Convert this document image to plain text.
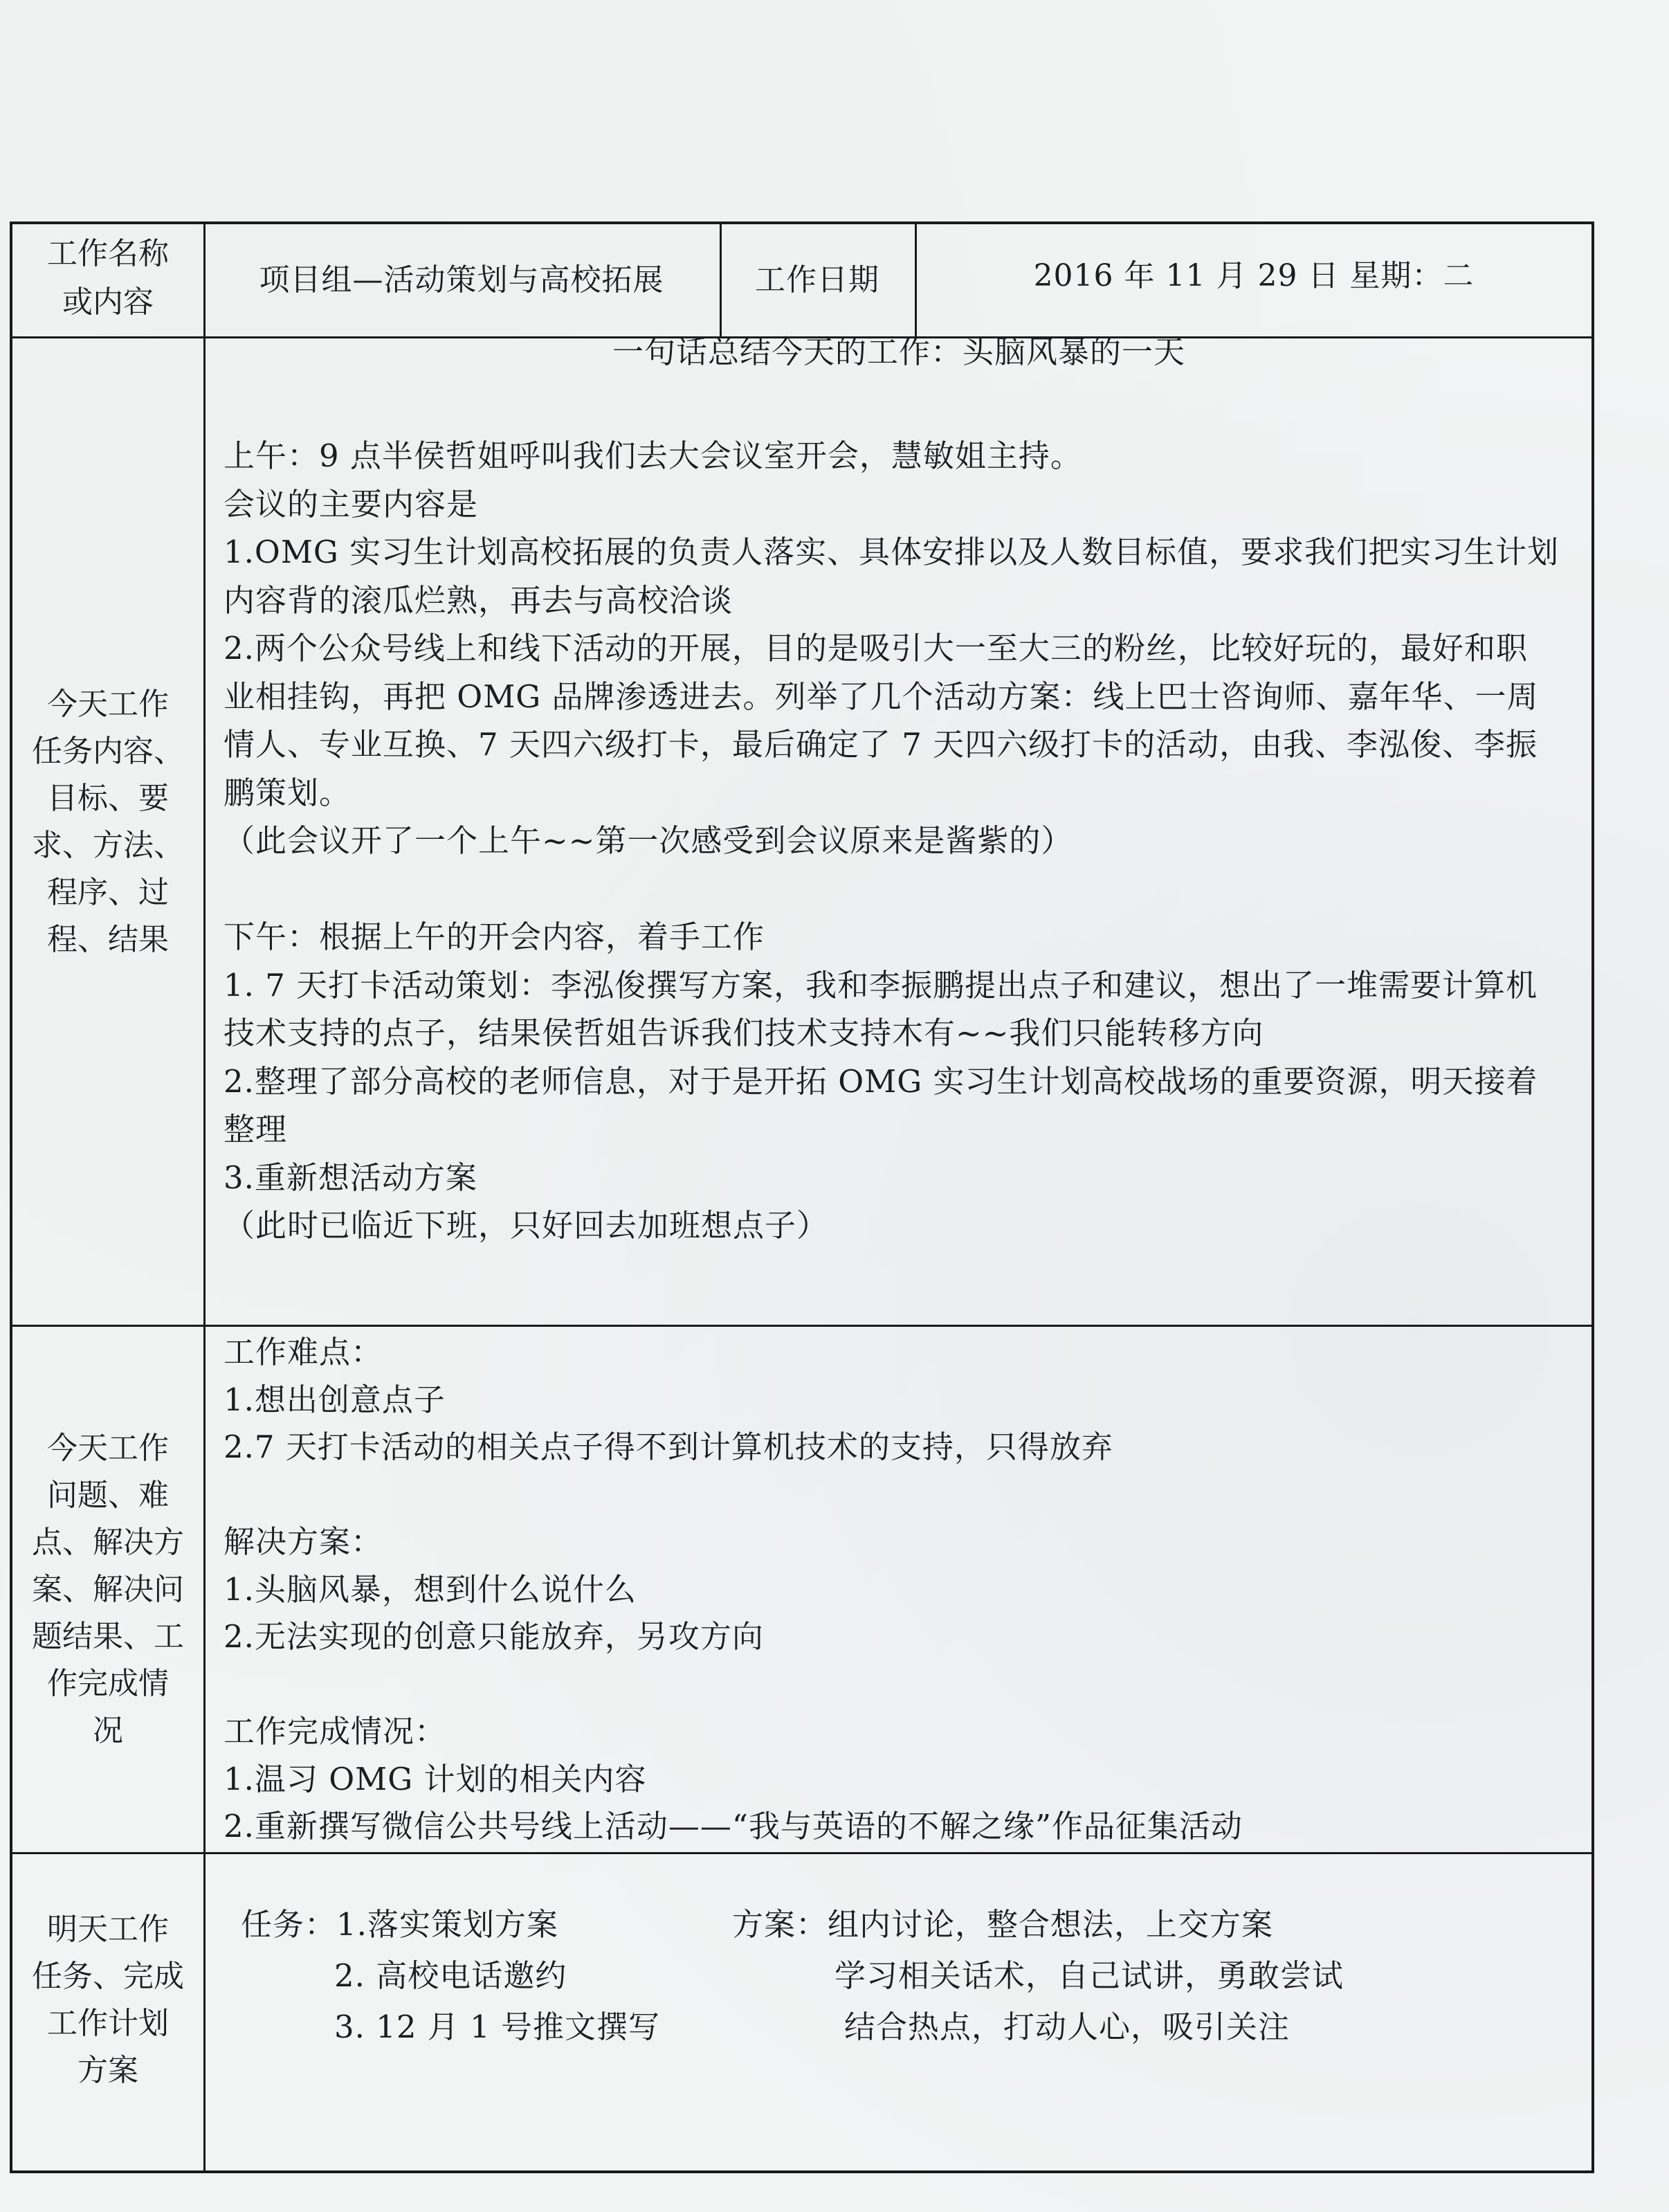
工作名称
或内容
项目组—活动策划与高校拓展	工作日期	2016 年 11 月 29 日 星期：二
今天工作
任务内容、
目标、要
求、方法、
程序、过
程、结果
一句话总结今天的工作：头脑风暴的一天
上午：9 点半侯哲姐呼叫我们去大会议室开会，慧敏姐主持。
会议的主要内容是
1.OMG 实习生计划高校拓展的负责人落实、具体安排以及人数目标值，要求我们把实习生计划
内容背的滚瓜烂熟，再去与高校洽谈
2.两个公众号线上和线下活动的开展，目的是吸引大一至大三的粉丝，比较好玩的，最好和职
业相挂钩，再把 OMG 品牌渗透进去。列举了几个活动方案：线上巴士咨询师、嘉年华、一周
情人、专业互换、7 天四六级打卡，最后确定了 7 天四六级打卡的活动，由我、李泓俊、李振
鹏策划。
（此会议开了一个上午~~第一次感受到会议原来是酱紫的）
下午：根据上午的开会内容，着手工作
1. 7 天打卡活动策划：李泓俊撰写方案，我和李振鹏提出点子和建议，想出了一堆需要计算机
技术支持的点子，结果侯哲姐告诉我们技术支持木有~~我们只能转移方向
2.整理了部分高校的老师信息，对于是开拓 OMG 实习生计划高校战场的重要资源，明天接着
整理
3.重新想活动方案
（此时已临近下班，只好回去加班想点子）
今天工作
问题、难
点、解决方
案、解决问
题结果、工
作完成情
况
工作难点：
1.想出创意点子
2.7 天打卡活动的相关点子得不到计算机技术的支持，只得放弃
解决方案：
1.头脑风暴，想到什么说什么
2.无法实现的创意只能放弃，另攻方向
工作完成情况：
1.温习 OMG 计划的相关内容
2.重新撰写微信公共号线上活动——“我与英语的不解之缘”作品征集活动
明天工作
任务、完成
工作计划
方案
任务：1.落实策划方案
2. 高校电话邀约
3. 12 月 1 号推文撰写
方案：组内讨论，整合想法，上交方案
学习相关话术，自己试讲，勇敢尝试
结合热点，打动人心，吸引关注
